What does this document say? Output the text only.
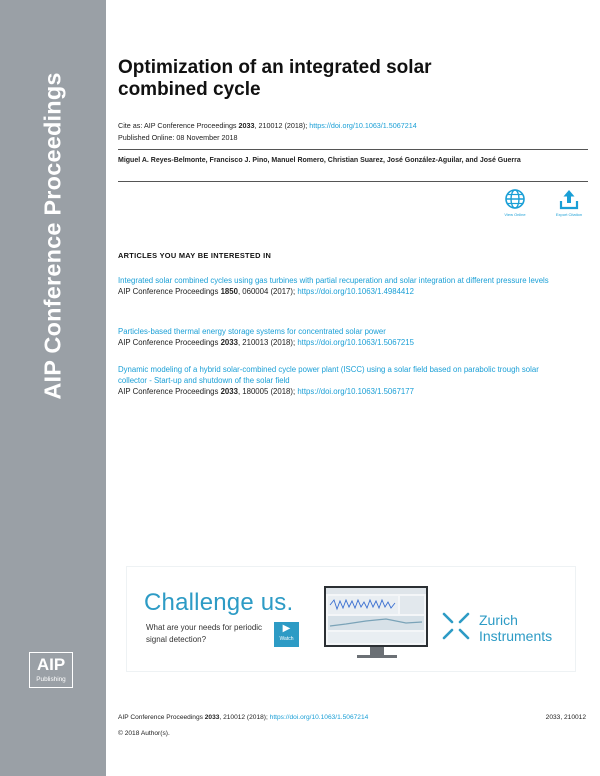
AIP Conference Proceedings
AIP
Publishing
Optimization of an integrated solar
combined cycle
Cite as: AIP Conference Proceedings 2033, 210012 (2018); https://doi.org/10.1063/1.5067214
Published Online: 08 November 2018
Miguel A. Reyes-Belmonte, Francisco J. Pino, Manuel Romero, Christian Suarez, José González-Aguilar, and José Guerra
View Online	Export Citation
ARTICLES YOU MAY BE INTERESTED IN
Integrated solar combined cycles using gas turbines with partial recuperation and solar integration at different pressure levels
AIP Conference Proceedings 1850, 060004 (2017); https://doi.org/10.1063/1.4984412
Particles-based thermal energy storage systems for concentrated solar power
AIP Conference Proceedings 2033, 210013 (2018); https://doi.org/10.1063/1.5067215
Dynamic modeling of a hybrid solar-combined cycle power plant (ISCC) using a solar field based on parabolic trough solar collector - Start-up and shutdown of the solar field
AIP Conference Proceedings 2033, 180005 (2018); https://doi.org/10.1063/1.5067177
Challenge us.
What are your needs for periodic signal detection?
▶
Watch
Zurich
Instruments
AIP Conference Proceedings 2033, 210012 (2018); https://doi.org/10.1063/1.5067214	2033, 210012
© 2018 Author(s).
